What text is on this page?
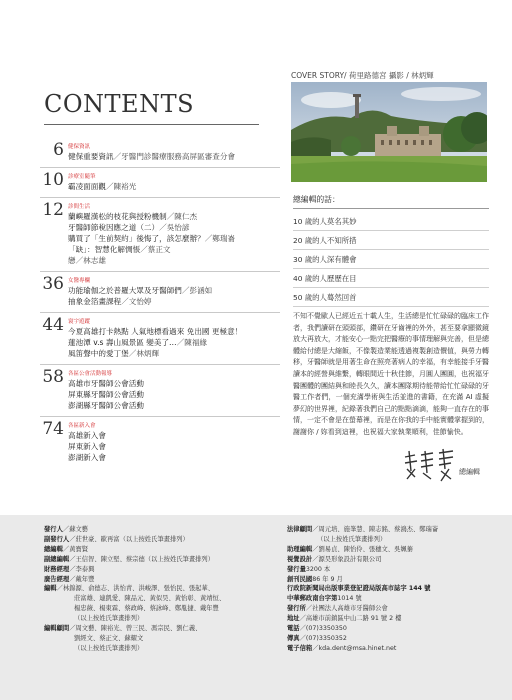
CONTENTS
COVER STORY/ 荷里路德宮 攝影 / 林炳輝
6 健保資訊
健保重要資訊／牙醫門診醫療服務高屏區審查分會
10 診療室隨筆
霸凌面面觀／陳裕光
12 診間生活
蘭嶼羅漢松的枝花與授粉機制／陳仁杰
牙醫師節稅因應之道（二）／吳怡諺
購買了「生前契約」後悔了，該怎麼辦？／鄭瑞崙
「缺」：智慧化解惆悵／蔡正文
戀／林志雄
36 女醫專欄
功能瑜伽之於普羅大眾及牙醫師們／彭涵如
抽象金箔畫課程／文怡婷
44 寰宇遊蹤
今夏高雄打卡熱點 人氣地標看過來 免出國 更極意！
蓮池潭 v.s 壽山風景區 變美了…／陳福緣
風笛聲中的愛丁堡／林炳輝
58 各區公會活動報導
高雄市牙醫師公會活動
屏東縣牙醫師公會活動
澎湖縣牙醫師公會活動
74 各區新入會
高雄新入會
屏東新入會
澎湖新入會
總編輯的話：
10 歲的人莫名其妙
20 歲的人不知所措
30 歲的人深有體會
40 歲的人歷歷在目
50 歲的人蓦然回首
不知不覺歐人已經近五十載人生，生活總是忙忙碌碌的臨床工作者，我們讀研在頭頭部，鑽研在牙齒裡的外外，甚至要拿顯微鏡放大再放大，才能安心一點完把醫療的事情理解與完善，但是總體給付總是大縮飯，不像製造業能透過複製創造價值，與勞力轉移，牙醫師就是用著生命在照亮著病人的幸福，有幸能接手牙醫讀本的經營與維繫，轉眼間近十秋佳節，月圓人團圓，也祝福牙醫團體的團結與和睦長久久，讀本團隊期待能帶給忙忙碌碌的牙醫工作者們，一個充滿學術與生活並進的書籍，在充滿 AI 虛擬夢幻的世界裡，紀錄著我們自己的點點滴滴，能夠一直存在的事情，一定不會是在螢幕裡，而是在你我的手中能實體掌握到的，謝謝你 / 妳看到這裡，也祝福大家執業順利，佳節愉快。
總編輯
發行人 ／蘇文藝
副發行人 ／莊世豪、歐再富（以上按姓氏筆畫排列）
總編輯 ／黃寶賢
副總編輯 ／王信智、陳立堅、蔡宗德（以上按姓氏筆畫排列）
財務經理 ／李泰興
廣告經理 ／戴年豐
編輯 ／林錦源、俞德志、洪怡青、洪峻澤、張怡民、張起華、
莊富雄、連凱愛、陳品元、黃似昊、黃怡彰、黃靖恒、
楊忠薇、楊東霖、蔡政峰、蔡詠峰、鄭胤捷、戴年豐
（以上按姓氏筆畫排列）
編輯顧問 ／周文藝、陳裕光、曾三民、馮宗民、劉仁義、
劉經文、蔡正文、蘇耀文
（以上按姓氏筆畫排列）
法律顧問 ／周元培、施峯慧、陳志銘、蔡鴻杰、鄭瑞崙
（以上按姓氏筆畫排列）
助理編輯 ／劉易貞、陳怡伶、張穗文、吳姵蓁
視覺設計 ／源昊形象設計有限公司
發行量 3200 本
創刊民國 86 年 9 月
行政院新聞局出版事業登記證局版高市誌字 144 號
中華郵政南台字第 1014 號
發行所 ／社團法人高雄市牙醫師公會
地址 ／高雄市前鎮區中山二路 91 號 2 樓
電話 ／(07)3350350
傳真 ／(07)3350352
電子信箱 ／kda.dent@msa.hinet.net
